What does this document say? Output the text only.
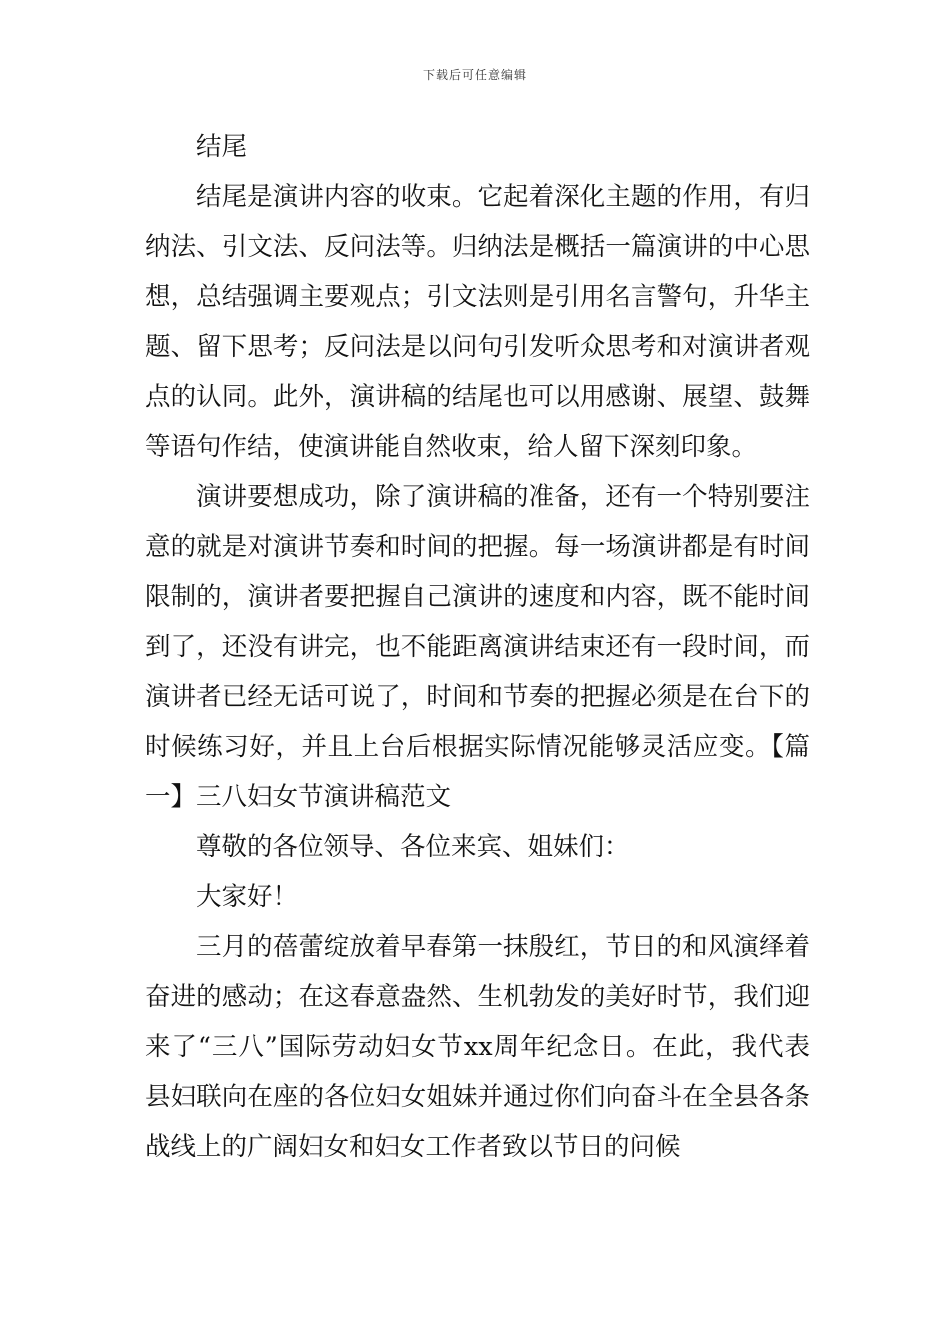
下载后可任意编辑

结尾

结尾是演讲内容的收束。它起着深化主题的作用，有归纳法、引文法、反问法等。归纳法是概括一篇演讲的中心思想，总结强调主要观点；引文法则是引用名言警句，升华主题、留下思考；反问法是以问句引发听众思考和对演讲者观点的认同。此外，演讲稿的结尾也可以用感谢、展望、鼓舞等语句作结，使演讲能自然收束，给人留下深刻印象。

演讲要想成功，除了演讲稿的准备，还有一个特别要注意的就是对演讲节奏和时间的把握。每一场演讲都是有时间限制的，演讲者要把握自己演讲的速度和内容，既不能时间到了，还没有讲完，也不能距离演讲结束还有一段时间，而演讲者已经无话可说了，时间和节奏的把握必须是在台下的时候练习好，并且上台后根据实际情况能够灵活应变。【篇一】三八妇女节演讲稿范文

尊敬的各位领导、各位来宾、姐妹们：

大家好！

三月的蓓蕾绽放着早春第一抹殷红，节日的和风演绎着奋进的感动；在这春意盎然、生机勃发的美好时节，我们迎来了“三八”国际劳动妇女节xx周年纪念日。在此，我代表县妇联向在座的各位妇女姐妹并通过你们向奋斗在全县各条战线上的广阔妇女和妇女工作者致以节日的问候
